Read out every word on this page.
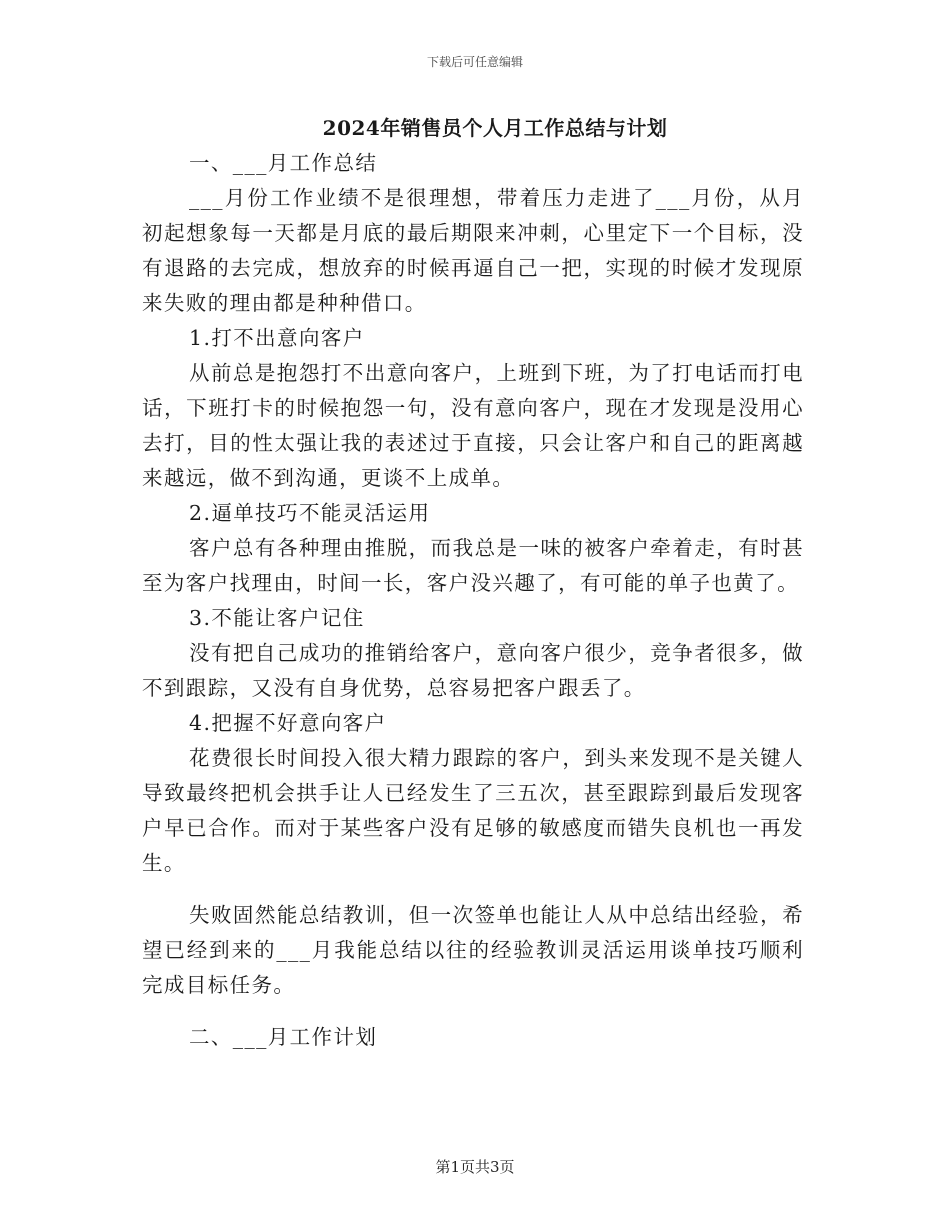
下载后可任意编辑

2024年销售员个人月工作总结与计划

一、___月工作总结

___月份工作业绩不是很理想，带着压力走进了___月份，从月初起想象每一天都是月底的最后期限来冲刺，心里定下一个目标，没有退路的去完成，想放弃的时候再逼自己一把，实现的时候才发现原来失败的理由都是种种借口。

1.打不出意向客户

从前总是抱怨打不出意向客户，上班到下班，为了打电话而打电话，下班打卡的时候抱怨一句，没有意向客户，现在才发现是没用心去打，目的性太强让我的表述过于直接，只会让客户和自己的距离越来越远，做不到沟通，更谈不上成单。

2.逼单技巧不能灵活运用

客户总有各种理由推脱，而我总是一味的被客户牵着走，有时甚至为客户找理由，时间一长，客户没兴趣了，有可能的单子也黄了。

3.不能让客户记住

没有把自己成功的推销给客户，意向客户很少，竞争者很多，做不到跟踪，又没有自身优势，总容易把客户跟丢了。

4.把握不好意向客户

花费很长时间投入很大精力跟踪的客户，到头来发现不是关键人导致最终把机会拱手让人已经发生了三五次，甚至跟踪到最后发现客户早已合作。而对于某些客户没有足够的敏感度而错失良机也一再发生。

失败固然能总结教训，但一次签单也能让人从中总结出经验，希望已经到来的___月我能总结以往的经验教训灵活运用谈单技巧顺利完成目标任务。

二、___月工作计划

第1页共3页
